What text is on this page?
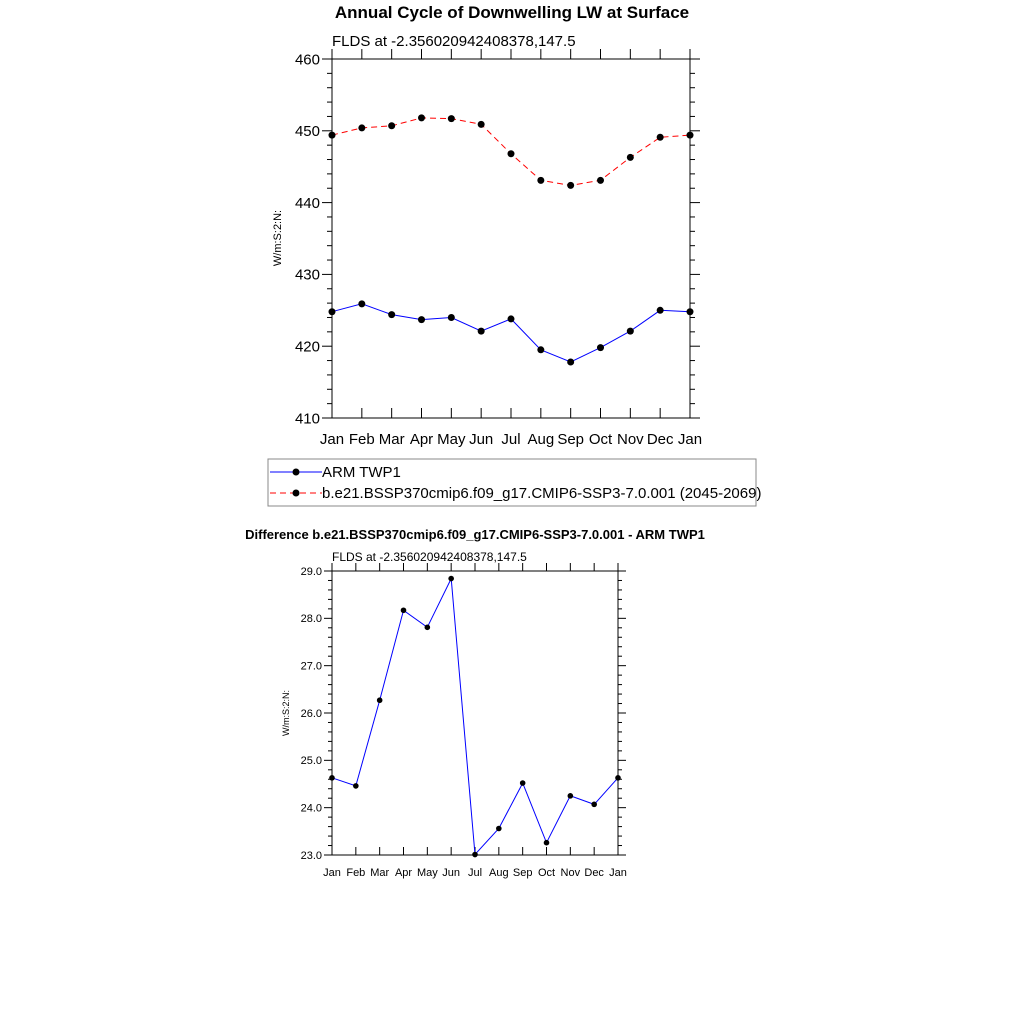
Annual Cycle of Downwelling LW at Surface
FLDS at -2.356020942408378,147.5
W/m:S:2:N:
Jan Feb Mar Apr May Jun Jul Aug Sep Oct Nov Dec Jan
410
420
430
440
450
460
ARM TWP1
b.e21.BSSP370cmip6.f09_g17.CMIP6-SSP3-7.0.001 (2045-2069)
Difference b.e21.BSSP370cmip6.f09_g17.CMIP6-SSP3-7.0.001 - ARM TWP1
FLDS at -2.356020942408378,147.5
W/m:S:2:N:
Jan Feb Mar Apr May Jun Jul Aug Sep Oct Nov Dec Jan
23.0
24.0
25.0
26.0
27.0
28.0
29.0
